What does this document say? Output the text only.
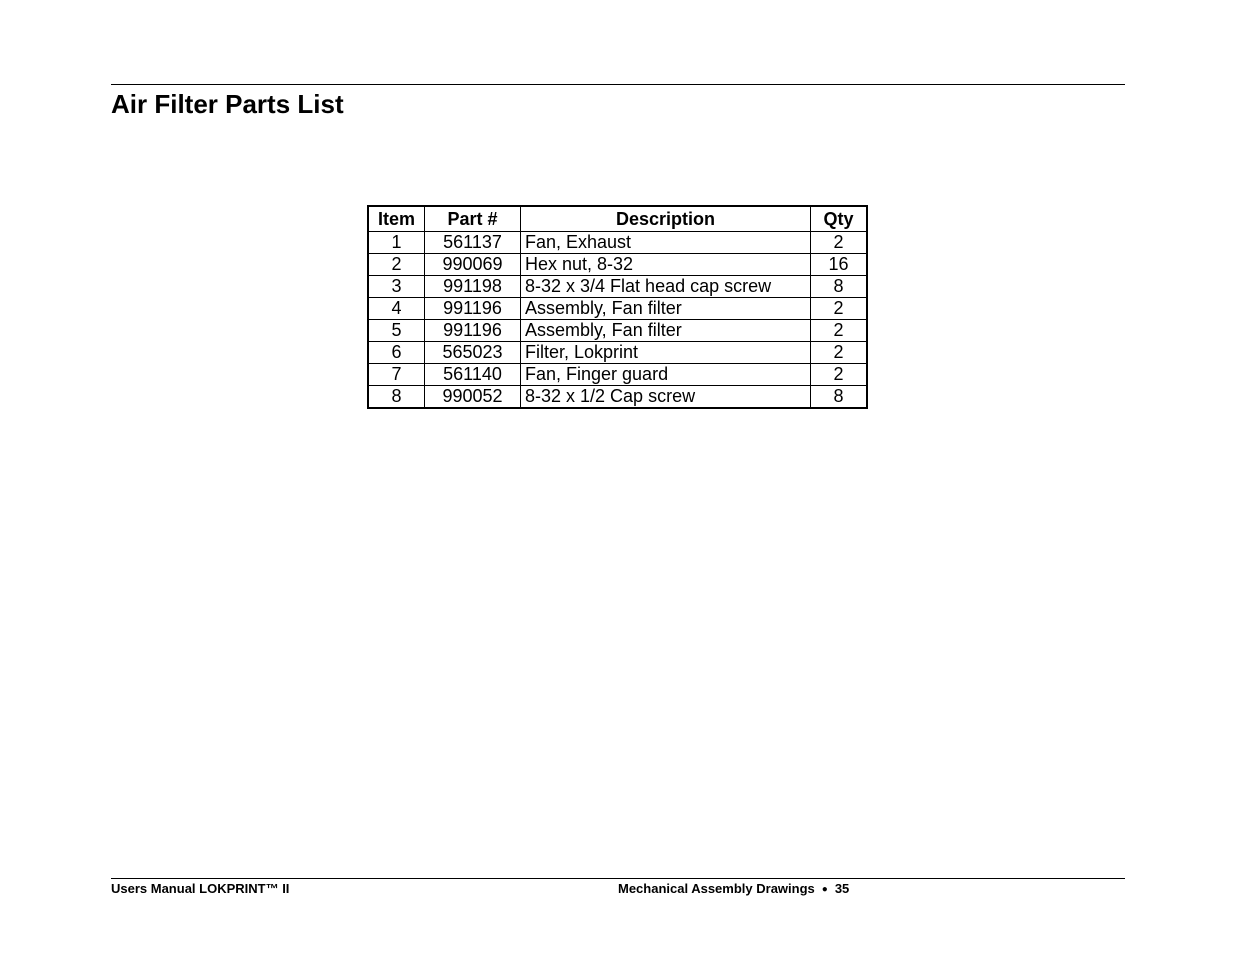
Air Filter Parts List
Item	Part #	Description	Qty
1	561137	Fan, Exhaust	2
2	990069	Hex nut, 8-32	16
3	991198	8-32 x 3/4 Flat head cap screw	8
4	991196	Assembly, Fan filter	2
5	991196	Assembly, Fan filter	2
6	565023	Filter, Lokprint	2
7	561140	Fan, Finger guard	2
8	990052	8-32 x 1/2 Cap screw	8
Users Manual LOKPRINT™ II	Mechanical Assembly Drawings ● 35
